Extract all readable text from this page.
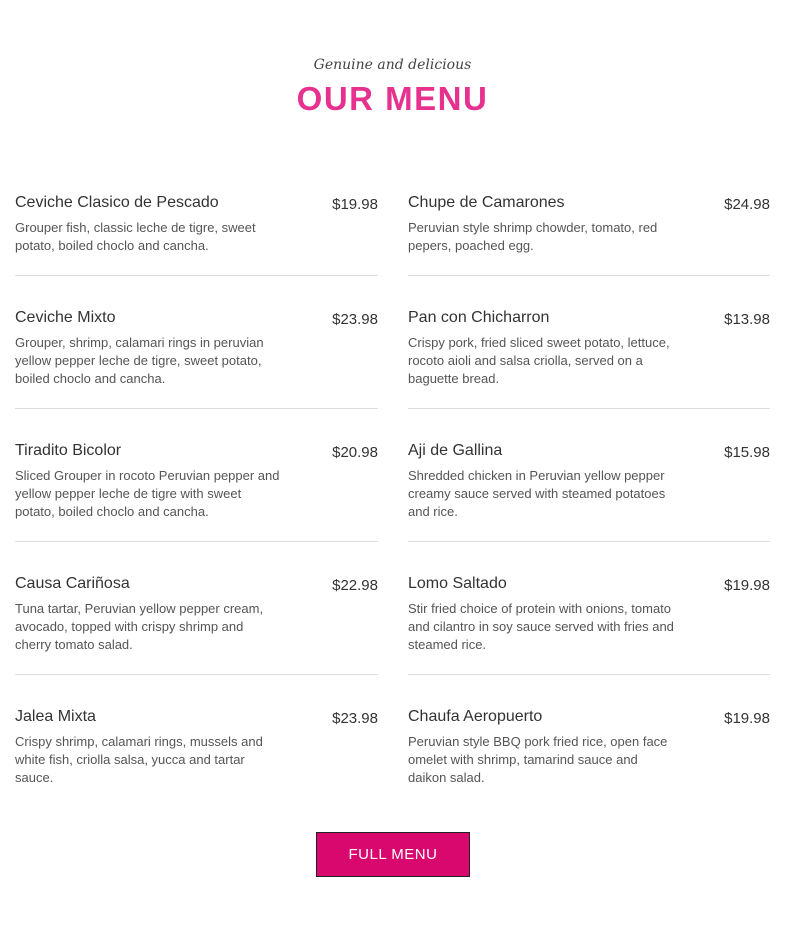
Genuine and delicious
OUR MENU
Ceviche Clasico de Pescado	$19.98
Grouper fish, classic leche de tigre, sweet potato, boiled choclo and cancha.
Ceviche Mixto	$23.98
Grouper, shrimp, calamari rings in peruvian yellow pepper leche de tigre, sweet potato, boiled choclo and cancha.
Tiradito Bicolor	$20.98
Sliced Grouper in rocoto Peruvian pepper and yellow pepper leche de tigre with sweet potato, boiled choclo and cancha.
Causa Cariñosa	$22.98
Tuna tartar, Peruvian yellow pepper cream, avocado, topped with crispy shrimp and cherry tomato salad.
Jalea Mixta	$23.98
Crispy shrimp, calamari rings, mussels and white fish, criolla salsa, yucca and tartar sauce.
Chupe de Camarones	$24.98
Peruvian style shrimp chowder, tomato, red pepers, poached egg.
Pan con Chicharron	$13.98
Crispy pork, fried sliced sweet potato, lettuce, rocoto aioli and salsa criolla, served on a baguette bread.
Aji de Gallina	$15.98
Shredded chicken in Peruvian yellow pepper creamy sauce served with steamed potatoes and rice.
Lomo Saltado	$19.98
Stir fried choice of protein with onions, tomato and cilantro in soy sauce served with fries and steamed rice.
Chaufa Aeropuerto	$19.98
Peruvian style BBQ pork fried rice, open face omelet with shrimp, tamarind sauce and daikon salad.
FULL MENU
